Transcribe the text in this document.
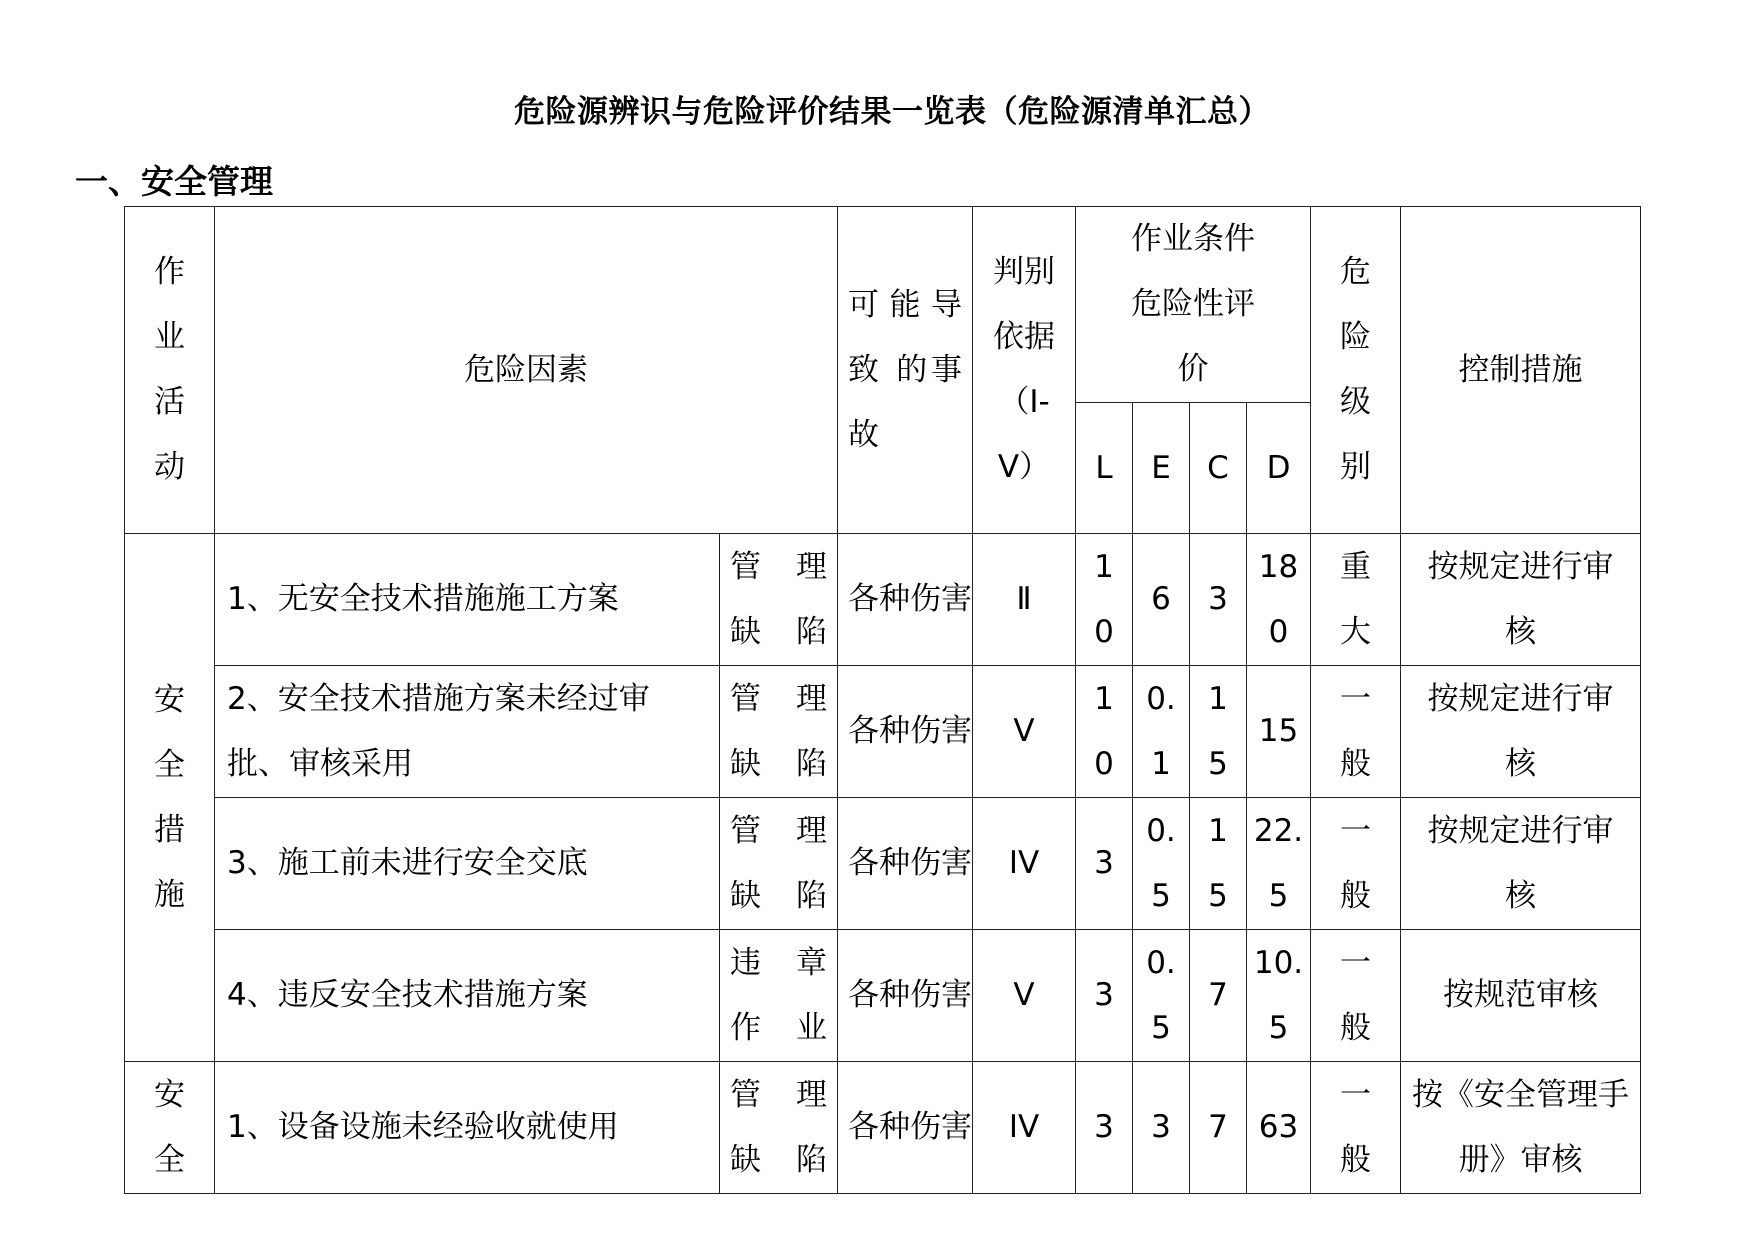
危险源辨识与危险评价结果一览表（危险源清单汇总）
一、安全管理
作业活动	危险因素		可 能 导 致 的事故	判别依据（Ⅰ-Ⅴ）	作业条件危险性评价				危险级别	控制措施
					L	E	C	D		
安全措施	1、无安全技术措施施工方案	管 理 缺陷	各种伤害	Ⅱ	10	6	3	180	重大	按规定进行审核
	2、安全技术措施方案未经过审批、审核采用	管 理 缺陷	各种伤害	V	10	0.1	15	15	一般	按规定进行审核
	3、施工前未进行安全交底	管 理 缺陷	各种伤害	IV	3	0.5	15	22.5	一般	按规定进行审核
	4、违反安全技术措施方案	违 章 作业	各种伤害	V	3	0.5	7	10.5	一般	按规范审核
安全	1、设备设施未经验收就使用	管 理 缺陷	各种伤害	IV	3	3	7	63	一般	按《安全管理手册》审核
